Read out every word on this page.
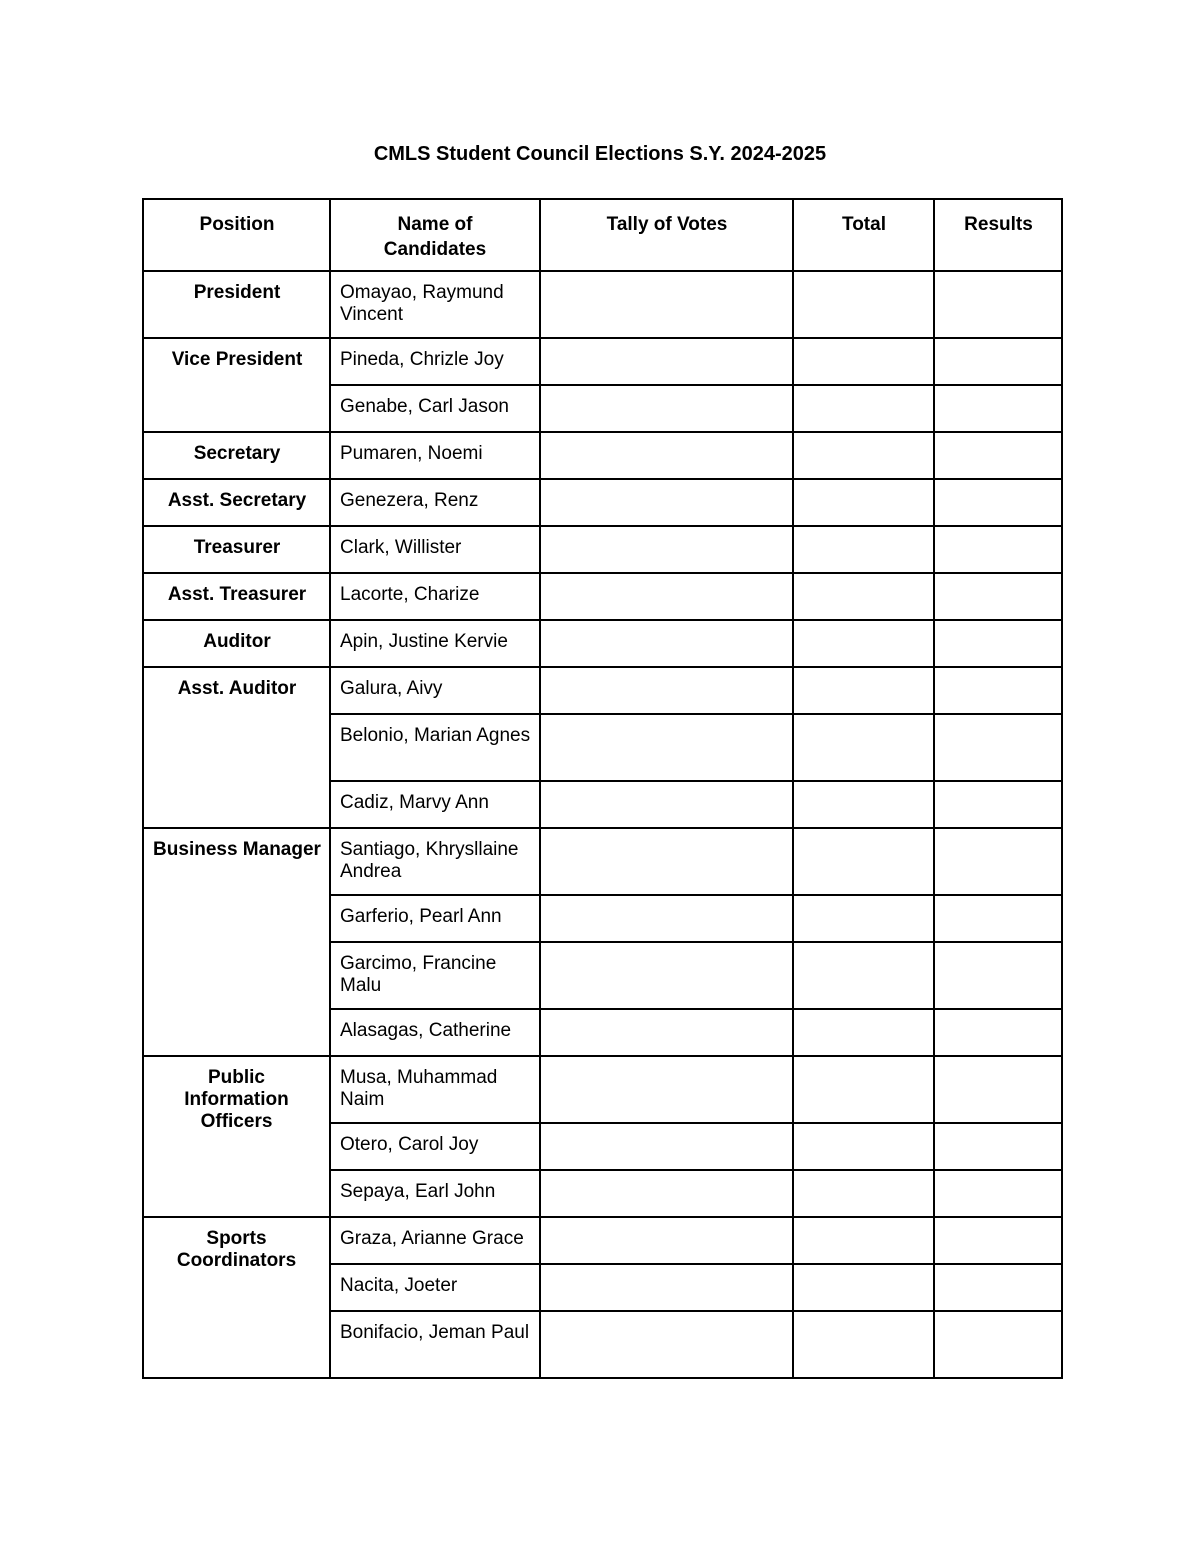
CMLS Student Council Elections S.Y. 2024-2025
Position	Name of Candidates	Tally of Votes	Total	Results
President	Omayao, Raymund Vincent			
Vice President	Pineda, Chrizle Joy			
	Genabe, Carl Jason			
Secretary	Pumaren, Noemi			
Asst. Secretary	Genezera, Renz			
Treasurer	Clark, Willister			
Asst. Treasurer	Lacorte, Charize			
Auditor	Apin, Justine Kervie			
Asst. Auditor	Galura, Aivy			
	Belonio, Marian Agnes			
	Cadiz, Marvy Ann			
Business Manager	Santiago, Khrysllaine Andrea			
	Garferio, Pearl Ann			
	Garcimo, Francine Malu			
	Alasagas, Catherine			
Public Information Officers	Musa, Muhammad Naim			
	Otero, Carol Joy			
	Sepaya, Earl John			
Sports Coordinators	Graza, Arianne Grace			
	Nacita, Joeter			
	Bonifacio, Jeman Paul			
